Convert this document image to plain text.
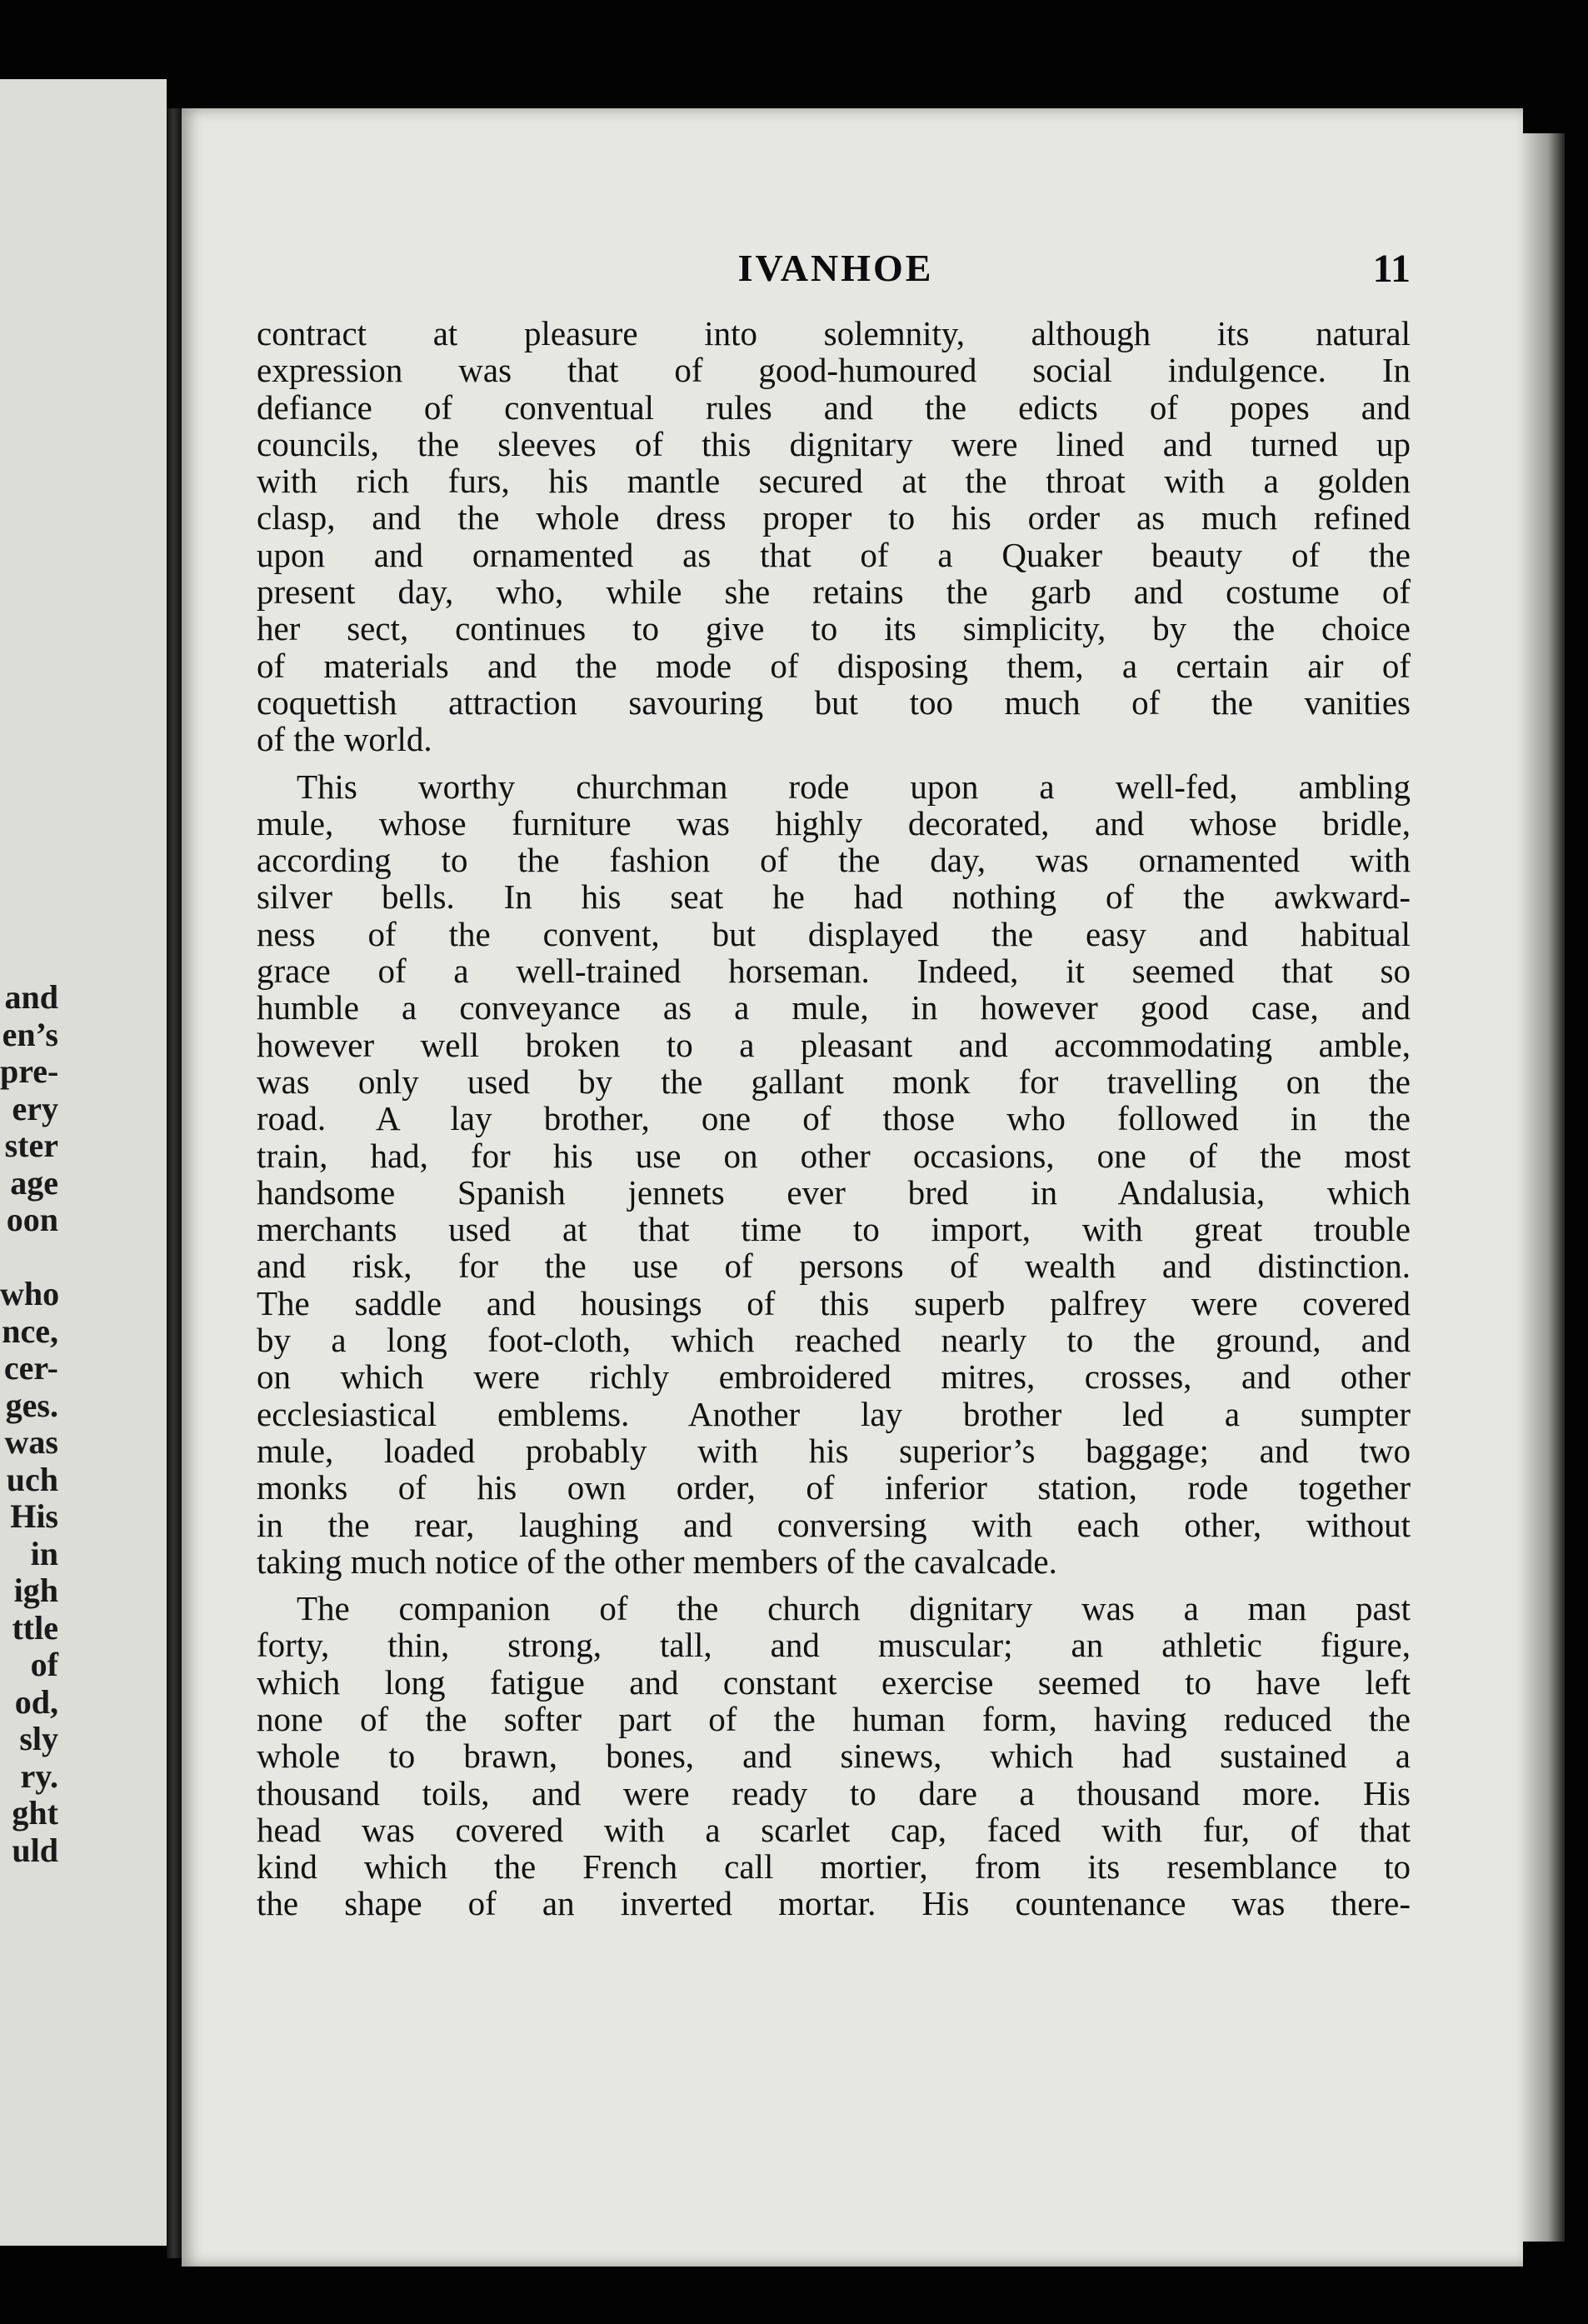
and
en’s
pre-
ery
ster
age
oon

who
nce,
cer-
ges.
was
uch
His
in
igh
ttle
of
od,
sly
ry.
ght
uld
IVANHOE	11
contract at pleasure into solemnity, although its natural
expression was that of good-humoured social indulgence. In
defiance of conventual rules and the edicts of popes and
councils, the sleeves of this dignitary were lined and turned up
with rich furs, his mantle secured at the throat with a golden
clasp, and the whole dress proper to his order as much refined
upon and ornamented as that of a Quaker beauty of the
present day, who, while she retains the garb and costume of
her sect, continues to give to its simplicity, by the choice
of materials and the mode of disposing them, a certain air of
coquettish attraction savouring but too much of the vanities
of the world.
This worthy churchman rode upon a well-fed, ambling
mule, whose furniture was highly decorated, and whose bridle,
according to the fashion of the day, was ornamented with
silver bells. In his seat he had nothing of the awkward-
ness of the convent, but displayed the easy and habitual
grace of a well-trained horseman. Indeed, it seemed that so
humble a conveyance as a mule, in however good case, and
however well broken to a pleasant and accommodating amble,
was only used by the gallant monk for travelling on the
road. A lay brother, one of those who followed in the
train, had, for his use on other occasions, one of the most
handsome Spanish jennets ever bred in Andalusia, which
merchants used at that time to import, with great trouble
and risk, for the use of persons of wealth and distinction.
The saddle and housings of this superb palfrey were covered
by a long foot-cloth, which reached nearly to the ground, and
on which were richly embroidered mitres, crosses, and other
ecclesiastical emblems. Another lay brother led a sumpter
mule, loaded probably with his superior’s baggage; and two
monks of his own order, of inferior station, rode together
in the rear, laughing and conversing with each other, without
taking much notice of the other members of the cavalcade.
The companion of the church dignitary was a man past
forty, thin, strong, tall, and muscular; an athletic figure,
which long fatigue and constant exercise seemed to have left
none of the softer part of the human form, having reduced the
whole to brawn, bones, and sinews, which had sustained a
thousand toils, and were ready to dare a thousand more. His
head was covered with a scarlet cap, faced with fur, of that
kind which the French call mortier, from its resemblance to
the shape of an inverted mortar. His countenance was there-
